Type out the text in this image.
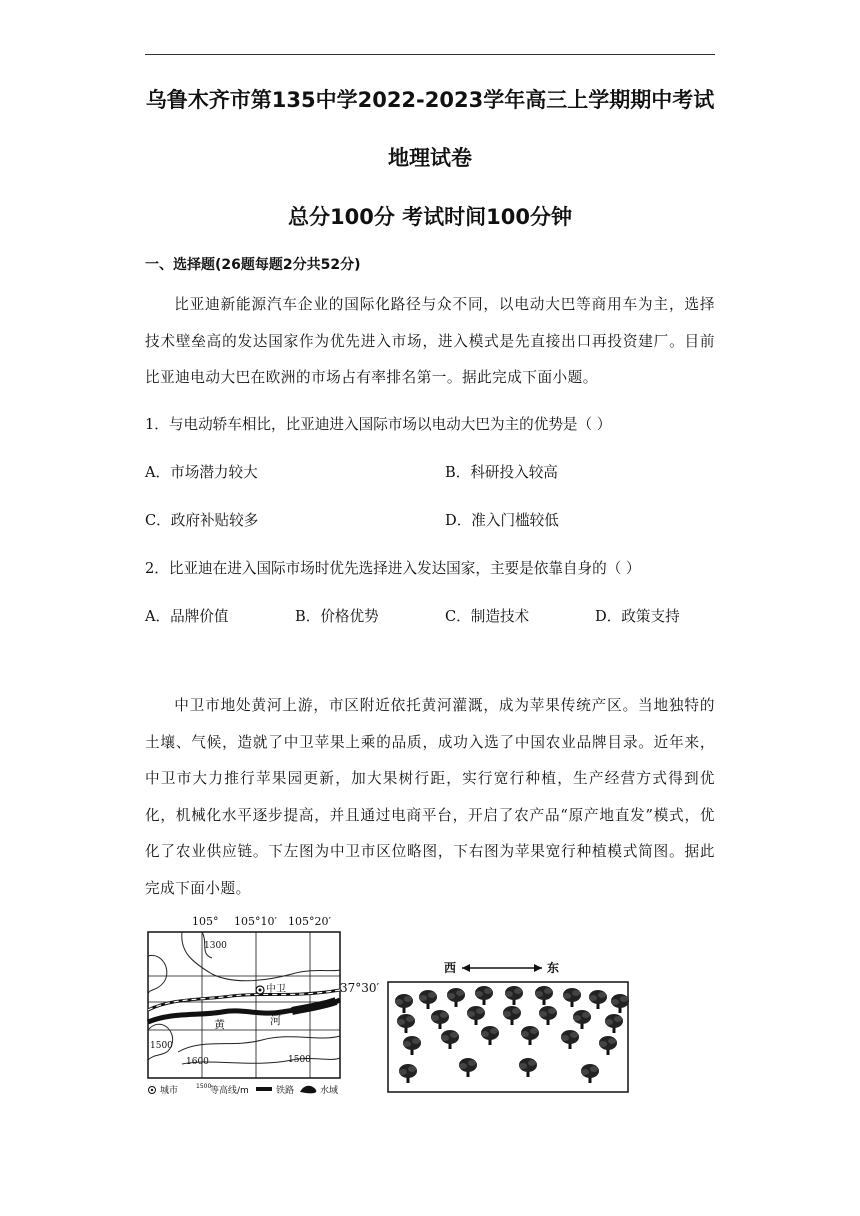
乌鲁木齐市第135中学2022-2023学年高三上学期期中考试
地理试卷
总分100分 考试时间100分钟
一、选择题(26题每题2分共52分)
比亚迪新能源汽车企业的国际化路径与众不同，以电动大巴等商用车为主，选择技术壁垒高的发达国家作为优先进入市场，进入模式是先直接出口再投资建厂。目前比亚迪电动大巴在欧洲的市场占有率排名第一。据此完成下面小题。
1．与电动轿车相比，比亚迪进入国际市场以电动大巴为主的优势是（ ）
A．市场潜力较大	B．科研投入较高
C．政府补贴较多	D．准入门槛较低
2．比亚迪在进入国际市场时优先选择进入发达国家，主要是依靠自身的（ ）
A．品牌价值	B．价格优势	C．制造技术	D．政策支持
中卫市地处黄河上游，市区附近依托黄河灌溉，成为苹果传统产区。当地独特的土壤、气候，造就了中卫苹果上乘的品质，成功入选了中国农业品牌目录。近年来，中卫市大力推行苹果园更新，加大果树行距，实行宽行种植，生产经营方式得到优化，机械化水平逐步提高，并且通过电商平台，开启了农产品“原产地直发”模式，优化了农业供应链。下左图为中卫市区位略图，下右图为苹果宽行种植模式简图。据此完成下面小题。
105° 105°10′ 105°20′
中卫
黄	河
1300
1500
1600	1500
37°30′
城市	1500
等高线/m	铁路	水域
西	东
